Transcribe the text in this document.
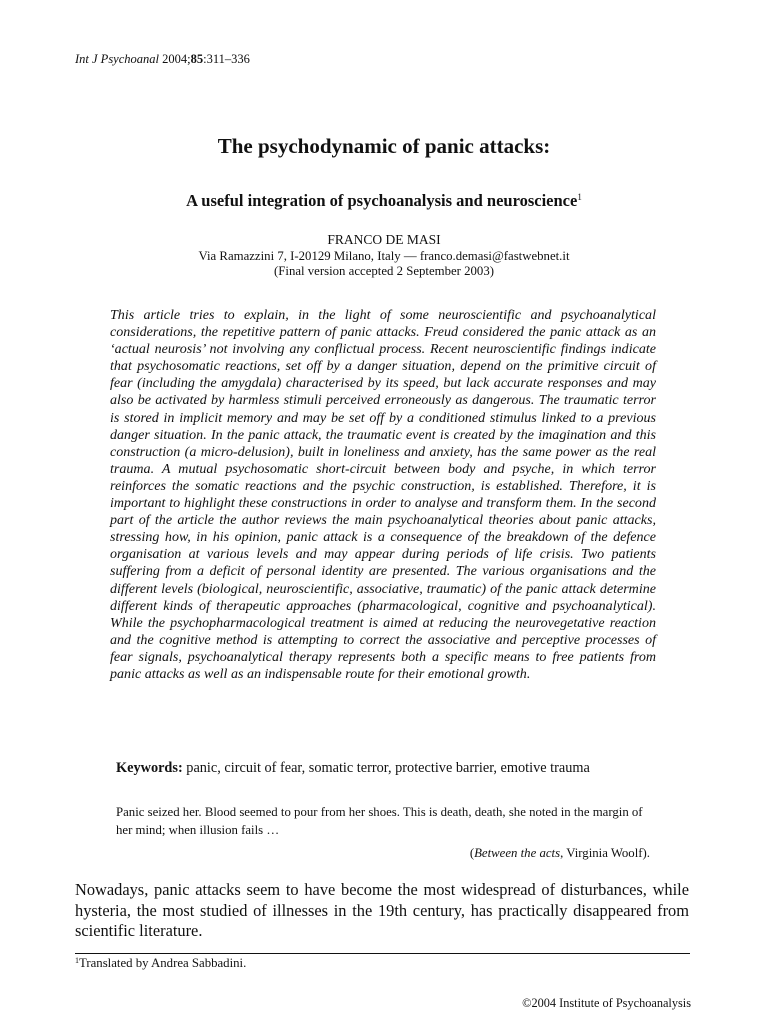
Int J Psychoanal 2004;85:311–336
The psychodynamic of panic attacks:
A useful integration of psychoanalysis and neuroscience$^1$
FRANCO DE MASI
Via Ramazzini 7, I-20129 Milano, Italy — franco.demasi@fastwebnet.it
(Final version accepted 2 September 2003)

This article tries to explain, in the light of some neuroscientific and psychoanalytical considerations, the repetitive pattern of panic attacks. Freud considered the panic attack as an ‘actual neurosis’ not involving any conflictual process. Recent neuroscientific findings indicate that psychosomatic reactions, set off by a danger situation, depend on the primitive circuit of fear (including the amygdala) characterised by its speed, but lack accurate responses and may also be activated by harmless stimuli perceived erroneously as dangerous. The traumatic terror is stored in implicit memory and may be set off by a conditioned stimulus linked to a previous danger situation. In the panic attack, the traumatic event is created by the imagination and this construction (a micro-delusion), built in loneliness and anxiety, has the same power as the real trauma. A mutual psychosomatic short-circuit between body and psyche, in which terror reinforces the somatic reactions and the psychic construction, is established. Therefore, it is important to highlight these constructions in order to analyse and transform them. In the second part of the article the author reviews the main psychoanalytical theories about panic attacks, stressing how, in his opinion, panic attack is a consequence of the breakdown of the defence organisation at various levels and may appear during periods of life crisis. Two patients suffering from a deficit of personal identity are presented. The various organisations and the different levels (biological, neuroscientific, associative, traumatic) of the panic attack determine different kinds of therapeutic approaches (pharmacological, cognitive and psychoanalytical). While the psychopharmacological treatment is aimed at reducing the neurovegetative reaction and the cognitive method is attempting to correct the associative and perceptive processes of fear signals, psychoanalytical therapy represents both a specific means to free patients from panic attacks as well as an indispensable route for their emotional growth.

Keywords: panic, circuit of fear, somatic terror, protective barrier, emotive trauma

Panic seized her. Blood seemed to pour from her shoes. This is death, death, she noted in the margin of her mind; when illusion fails …

(Between the acts, Virginia Woolf).

Nowadays, panic attacks seem to have become the most widespread of disturbances, while hysteria, the most studied of illnesses in the 19th century, has practically disappeared from scientific literature.

$^1$Translated by Andrea Sabbadini.
©2004 Institute of Psychoanalysis
